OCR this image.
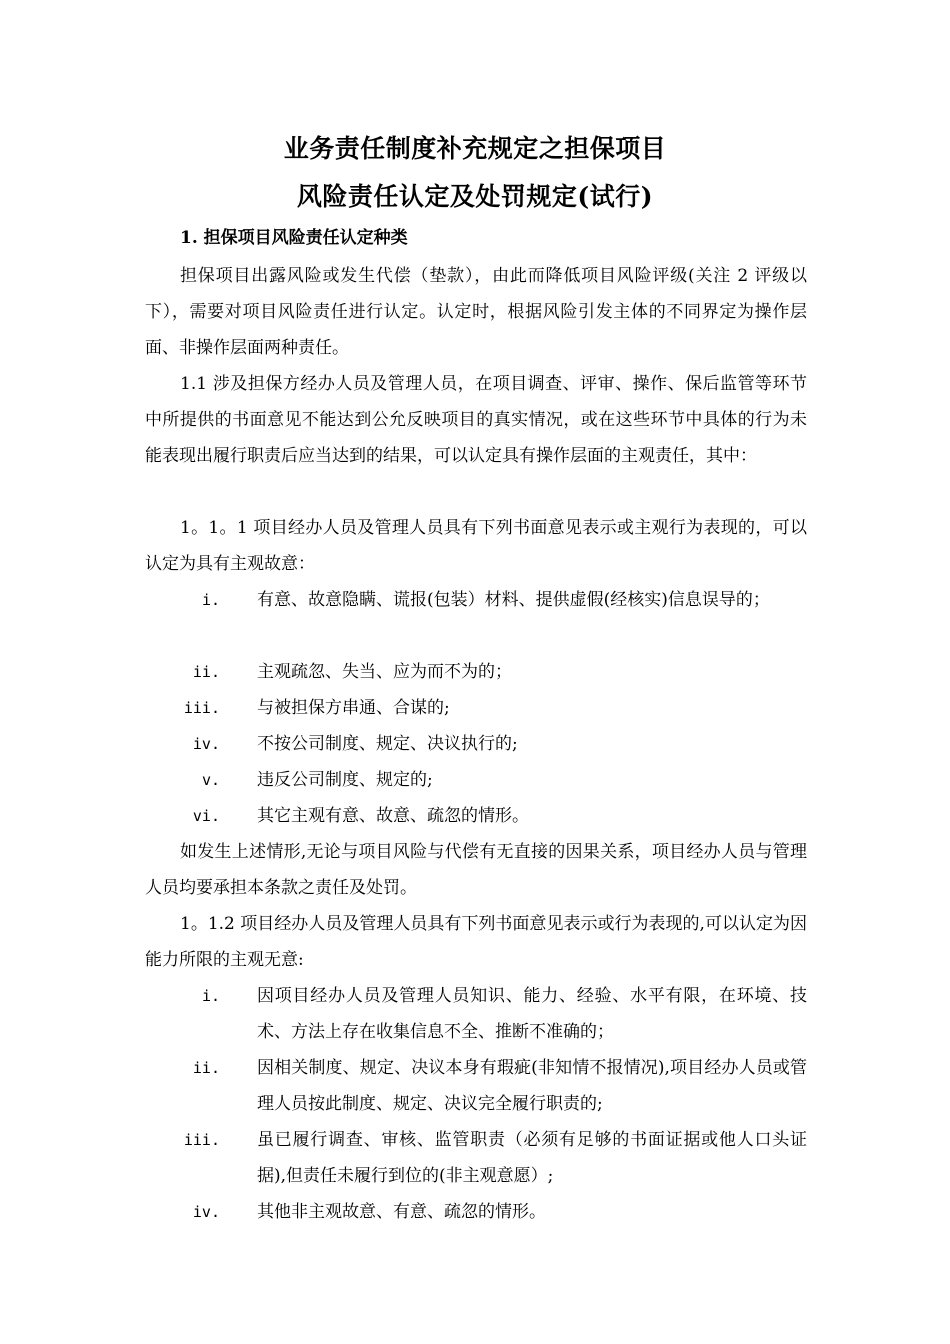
业务责任制度补充规定之担保项目
风险责任认定及处罚规定(试行)
1. 担保项目风险责任认定种类
担保项目出露风险或发生代偿（垫款），由此而降低项目风险评级(关注 2 评级以下），需要对项目风险责任进行认定。认定时，根据风险引发主体的不同界定为操作层面、非操作层面两种责任。
1.1 涉及担保方经办人员及管理人员，在项目调查、评审、操作、保后监管等环节中所提供的书面意见不能达到公允反映项目的真实情况，或在这些环节中具体的行为未能表现出履行职责后应当达到的结果，可以认定具有操作层面的主观责任，其中：
1。1。1 项目经办人员及管理人员具有下列书面意见表示或主观行为表现的，可以认定为具有主观故意：
i. 有意、故意隐瞒、谎报(包装）材料、提供虚假(经核实)信息误导的；
ii. 主观疏忽、失当、应为而不为的；
iii. 与被担保方串通、合谋的;
iv. 不按公司制度、规定、决议执行的;
v. 违反公司制度、规定的;
vi. 其它主观有意、故意、疏忽的情形。
如发生上述情形,无论与项目风险与代偿有无直接的因果关系，项目经办人员与管理人员均要承担本条款之责任及处罚。
1。1.2 项目经办人员及管理人员具有下列书面意见表示或行为表现的,可以认定为因能力所限的主观无意:
i. 因项目经办人员及管理人员知识、能力、经验、水平有限，在环境、技术、方法上存在收集信息不全、推断不准确的；
ii. 因相关制度、规定、决议本身有瑕疵(非知情不报情况),项目经办人员或管理人员按此制度、规定、决议完全履行职责的;
iii. 虽已履行调查、审核、监管职责（必须有足够的书面证据或他人口头证据),但责任未履行到位的(非主观意愿）;
iv. 其他非主观故意、有意、疏忽的情形。
